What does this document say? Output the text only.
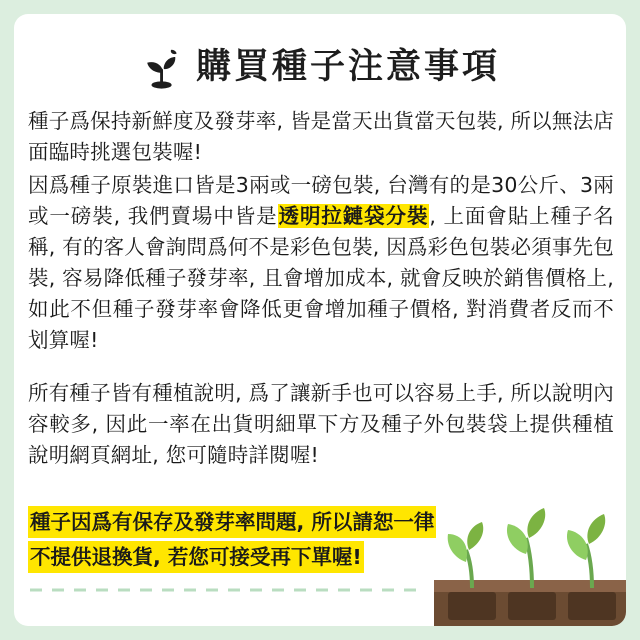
購買種子注意事項

種子爲保持新鮮度及發芽率, 皆是當天出貨當天包裝, 所以無法店面臨時挑選包裝喔!

因爲種子原裝進口皆是3兩或一磅包裝, 台灣有的是30公斤、3兩或一磅裝, 我們賣場中皆是透明拉鏈袋分裝, 上面會貼上種子名稱, 有的客人會詢問爲何不是彩色包裝, 因爲彩色包裝必須事先包裝, 容易降低種子發芽率, 且會增加成本, 就會反映於銷售價格上, 如此不但種子發芽率會降低更會增加種子價格, 對消費者反而不划算喔!

所有種子皆有種植說明, 爲了讓新手也可以容易上手, 所以說明內容較多, 因此一率在出貨明細單下方及種子外包裝袋上提供種植說明網頁網址, 您可隨時詳閱喔!

種子因爲有保存及發芽率問題, 所以請恕一律
不提供退換貨, 若您可接受再下單喔!
